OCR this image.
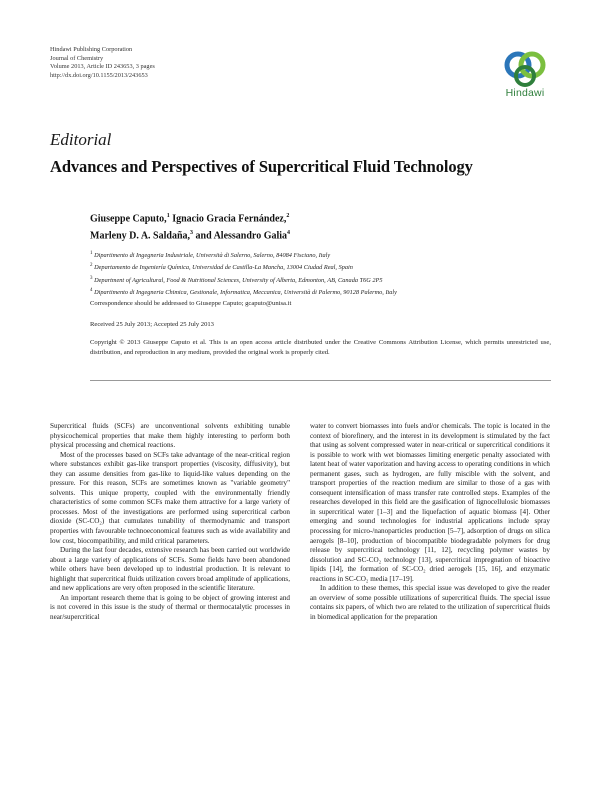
Hindawi Publishing Corporation
Journal of Chemistry
Volume 2013, Article ID 243653, 3 pages
http://dx.doi.org/10.1155/2013/243653
Hindawi
Editorial
Advances and Perspectives of Supercritical Fluid Technology
Giuseppe Caputo,$^1$ Ignacio Gracia Fernández,$^2$
Marleny D. A. Saldaña,$^3$ and Alessandro Galia$^4$
$^1$ Dipartimento di Ingegneria Industriale, Università di Salerno, Salerno, 84084 Fisciano, Italy
$^2$ Departamento de Ingeniería Química, Universidad de Castilla-La Mancha, 13004 Ciudad Real, Spain
$^3$ Department of Agricultural, Food & Nutritional Sciences, University of Alberta, Edmonton, AB, Canada T6G 2P5
$^4$ Dipartimento di Ingegneria Chimica, Gestionale, Informatica, Meccanica, Università di Palermo, 90128 Palermo, Italy
Correspondence should be addressed to Giuseppe Caputo; gcaputo@unisa.it
Received 25 July 2013; Accepted 25 July 2013
Copyright © 2013 Giuseppe Caputo et al. This is an open access article distributed under the Creative Commons Attribution License, which permits unrestricted use, distribution, and reproduction in any medium, provided the original work is properly cited.

Supercritical fluids (SCFs) are unconventional solvents exhibiting tunable physicochemical properties that make them highly interesting to perform both physical processing and chemical reactions.

Most of the processes based on SCFs take advantage of the near-critical region where substances exhibit gas-like transport properties (viscosity, diffusivity), but they can assume densities from gas-like to liquid-like values depending on the pressure. For this reason, SCFs are sometimes known as "variable geometry" solvents. This unique property, coupled with the environmentally friendly characteristics of some common SCFs make them attractive for a large variety of processes. Most of the investigations are performed using supercritical carbon dioxide (SC-CO₂) that cumulates tunability of thermodynamic and transport properties with favourable technoeconomical features such as wide availability and low cost, biocompatibility, and mild critical parameters.

During the last four decades, extensive research has been carried out worldwide about a large variety of applications of SCFs. Some fields have been abandoned while others have been developed up to industrial production. It is relevant to highlight that supercritical fluids utilization covers broad amplitude of applications, and new applications are very often proposed in the scientific literature.

An important research theme that is going to be object of growing interest and is not covered in this issue is the study of thermal or thermocatalytic processes in near/supercritical

water to convert biomasses into fuels and/or chemicals. The topic is located in the context of biorefinery, and the interest in its development is stimulated by the fact that using as solvent compressed water in near-critical or supercritical conditions it is possible to work with wet biomasses limiting energetic penalty associated with latent heat of water vaporization and having access to operating conditions in which permanent gases, such as hydrogen, are fully miscible with the solvent, and transport properties of the reaction medium are similar to those of a gas with consequent intensification of mass transfer rate controlled steps. Examples of the researches developed in this field are the gasification of lignocellulosic biomasses in supercritical water [1–3] and the liquefaction of aquatic biomass [4]. Other emerging and sound technologies for industrial applications include spray processing for micro-/nanoparticles production [5–7], adsorption of drugs on silica aerogels [8–10], production of biocompatible biodegradable polymers for drug release by supercritical technology [11, 12], recycling polymer wastes by dissolution and SC-CO₂ technology [13], supercritical impregnation of bioactive lipids [14], the formation of SC-CO₂ dried aerogels [15, 16], and enzymatic reactions in SC-CO₂ media [17–19].

In addition to these themes, this special issue was developed to give the reader an overview of some possible utilizations of supercritical fluids. The special issue contains six papers, of which two are related to the utilization of supercritical fluids in biomedical application for the preparation
